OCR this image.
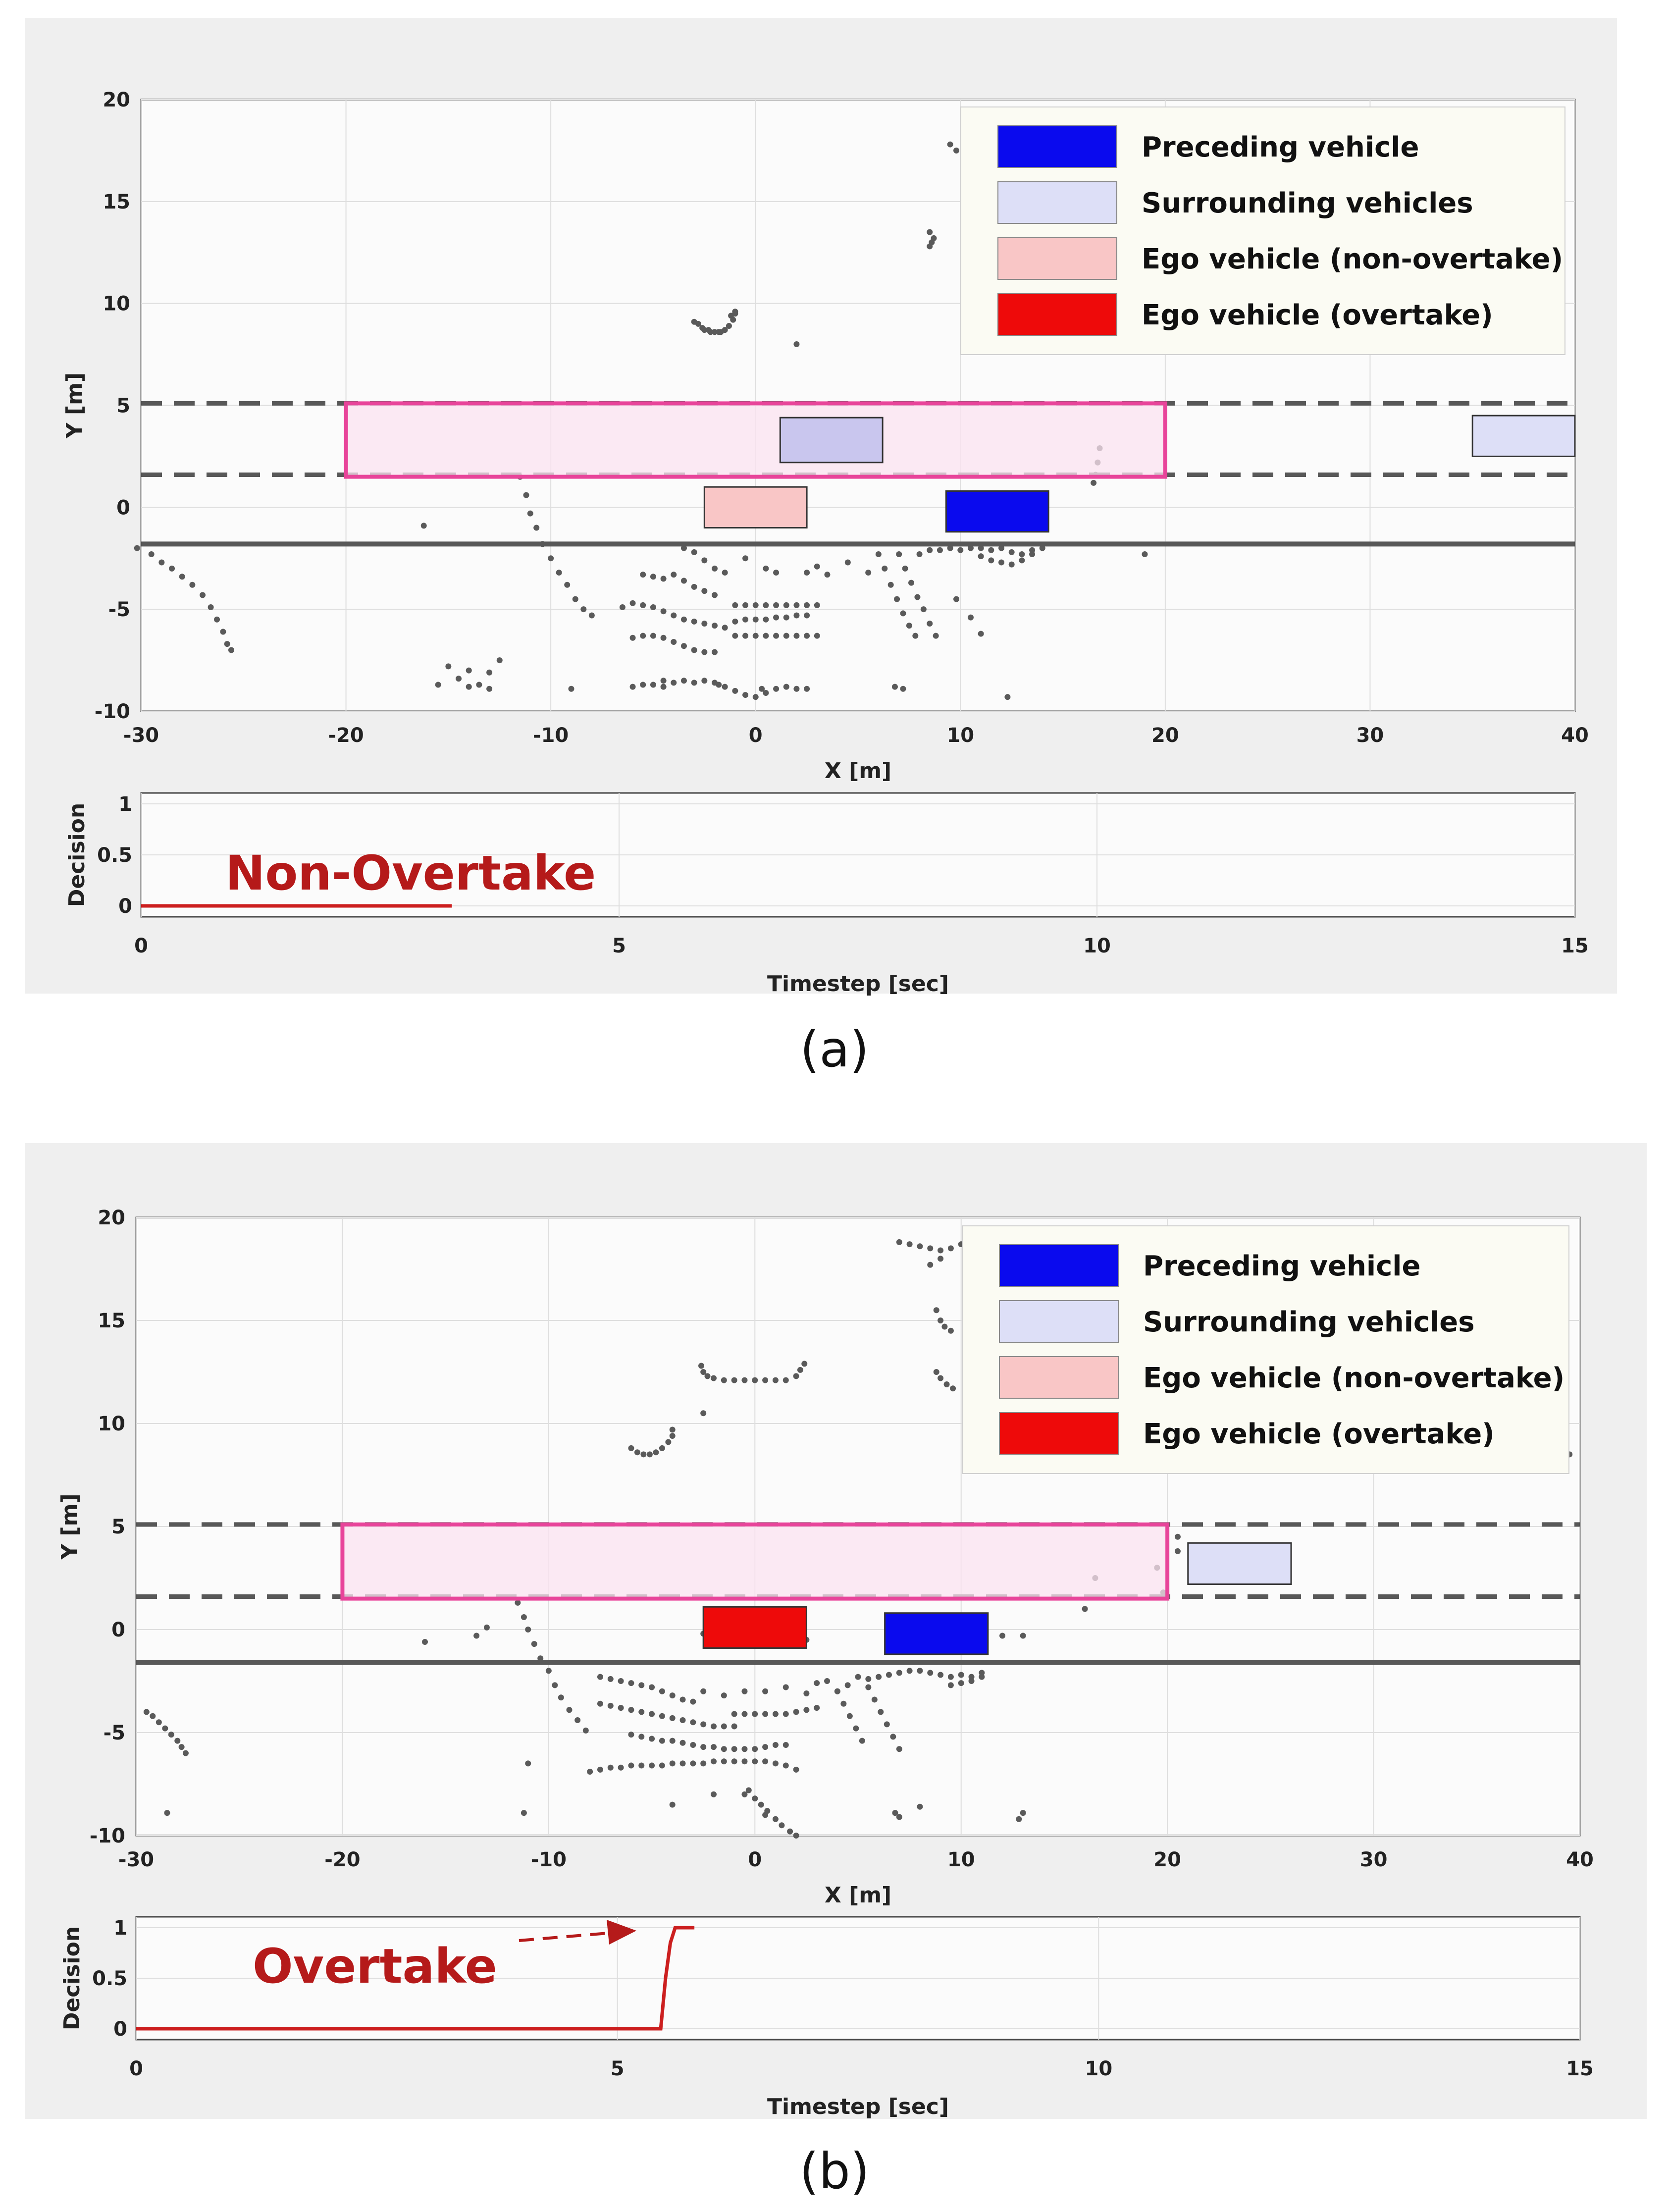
-30	-20	-10	0	10	20	30	40
-10
-5
0
5
10
15
20
X [m]
Y [m]
Preceding vehicle
Surrounding vehicles
Ego vehicle (non-overtake)
Ego vehicle (overtake)
0	5	10	15
0
0.5
1
Timestep [sec]
Decision	Non-Overtake
(a)
-30	-20	-10	0	10	20	30	40
-10
-5
0
5
10
15
20
X [m]
Y [m]
Preceding vehicle
Surrounding vehicles
Ego vehicle (non-overtake)
Ego vehicle (overtake)
0	5	10	15
0
0.5
1
Timestep [sec]
Decision	Overtake
(b)
